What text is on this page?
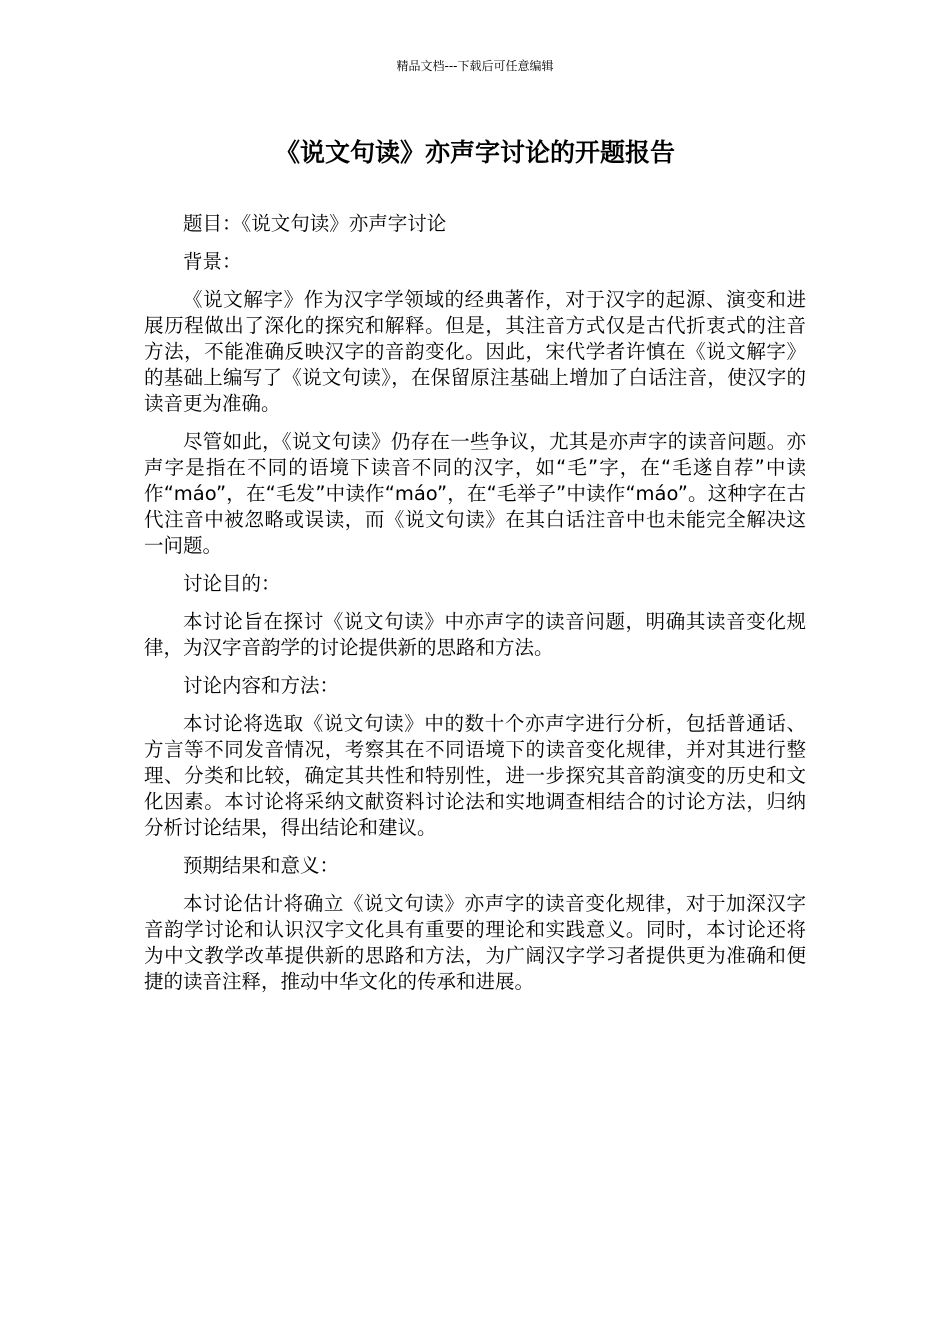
精品文档---下载后可任意编辑
《说文句读》亦声字讨论的开题报告

题目：《说文句读》亦声字讨论

背景：

《说文解字》作为汉字学领域的经典著作，对于汉字的起源、演变和进展历程做出了深化的探究和解释。但是，其注音方式仅是古代折衷式的注音方法，不能准确反映汉字的音韵变化。因此，宋代学者许慎在《说文解字》的基础上编写了《说文句读》，在保留原注基础上增加了白话注音，使汉字的读音更为准确。

尽管如此，《说文句读》仍存在一些争议，尤其是亦声字的读音问题。亦声字是指在不同的语境下读音不同的汉字，如“毛”字，在“毛遂自荐”中读作“máo”，在“毛发”中读作“máo”，在“毛举子”中读作“máo”。这种字在古代注音中被忽略或误读，而《说文句读》在其白话注音中也未能完全解决这一问题。

讨论目的：

本讨论旨在探讨《说文句读》中亦声字的读音问题，明确其读音变化规律，为汉字音韵学的讨论提供新的思路和方法。

讨论内容和方法：

本讨论将选取《说文句读》中的数十个亦声字进行分析，包括普通话、方言等不同发音情况，考察其在不同语境下的读音变化规律，并对其进行整理、分类和比较，确定其共性和特别性，进一步探究其音韵演变的历史和文化因素。本讨论将采纳文献资料讨论法和实地调查相结合的讨论方法，归纳分析讨论结果，得出结论和建议。

预期结果和意义：

本讨论估计将确立《说文句读》亦声字的读音变化规律，对于加深汉字音韵学讨论和认识汉字文化具有重要的理论和实践意义。同时，本讨论还将为中文教学改革提供新的思路和方法，为广阔汉字学习者提供更为准确和便捷的读音注释，推动中华文化的传承和进展。
